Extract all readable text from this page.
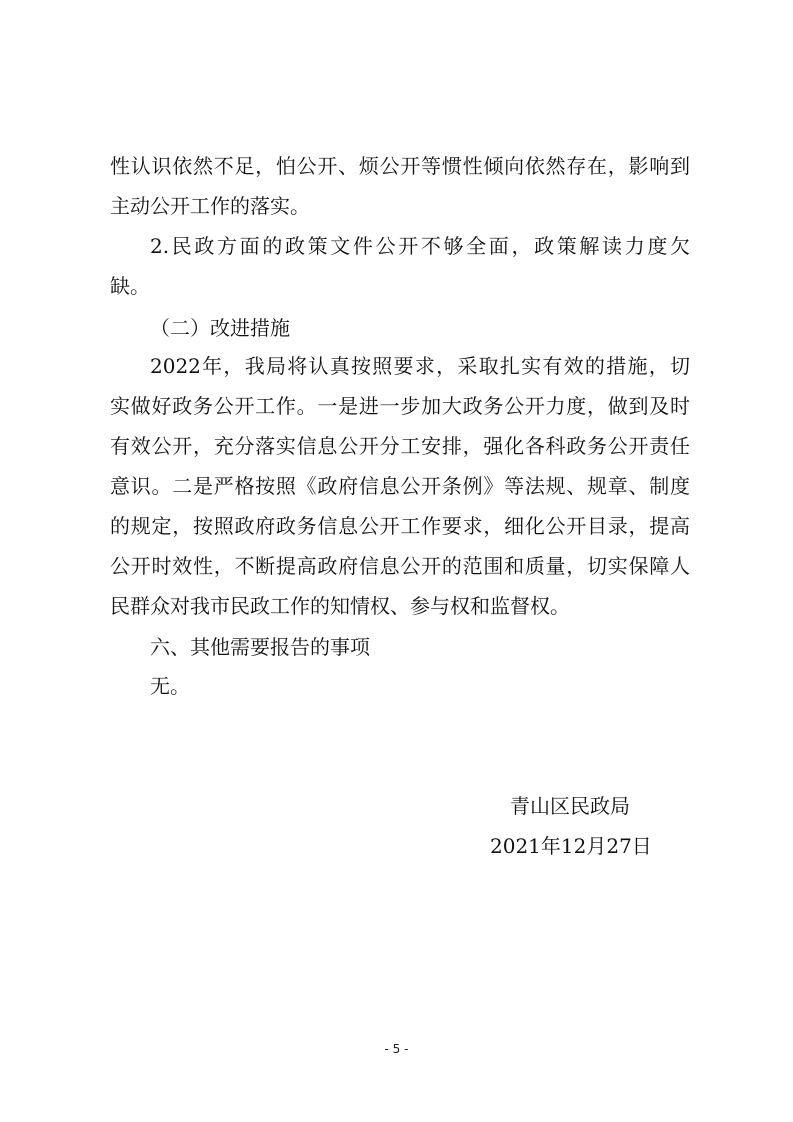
性认识依然不足，怕公开、烦公开等惯性倾向依然存在，影响到
主动公开工作的落实。
2.民政方面的政策文件公开不够全面，政策解读力度欠
缺。
（二）改进措施
2022年，我局将认真按照要求，采取扎实有效的措施，切
实做好政务公开工作。一是进一步加大政务公开力度，做到及时
有效公开，充分落实信息公开分工安排，强化各科政务公开责任
意识。二是严格按照《政府信息公开条例》等法规、规章、制度
的规定，按照政府政务信息公开工作要求，细化公开目录，提高
公开时效性，不断提高政府信息公开的范围和质量，切实保障人
民群众对我市民政工作的知情权、参与权和监督权。
六、其他需要报告的事项
无。
青山区民政局
2021年12月27日
- 5 -
